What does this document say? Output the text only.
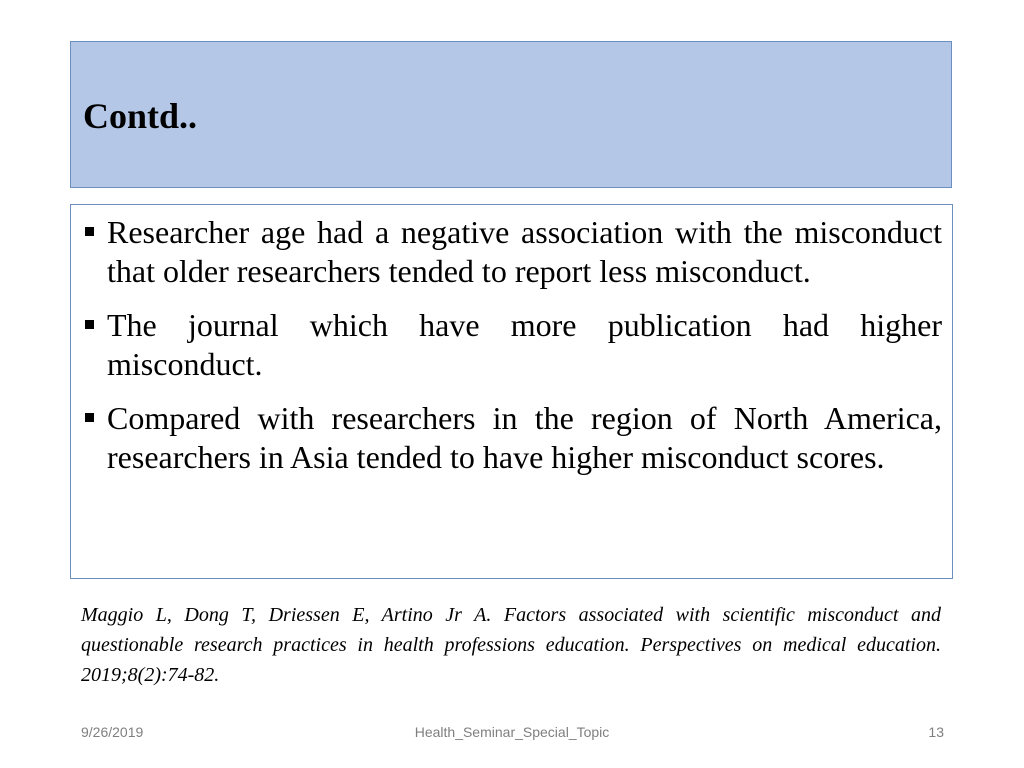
Contd..
Researcher age had a negative association with the misconduct that older researchers tended to report less misconduct.
The journal which have more publication had higher misconduct.
Compared with researchers in the region of North America, researchers in Asia tended to have higher misconduct scores.

Maggio L, Dong T, Driessen E, Artino Jr A. Factors associated with scientific misconduct and questionable research practices in health professions education. Perspectives on medical education. 2019;8(2):74-82.

9/26/2019	Health_Seminar_Special_Topic	13
